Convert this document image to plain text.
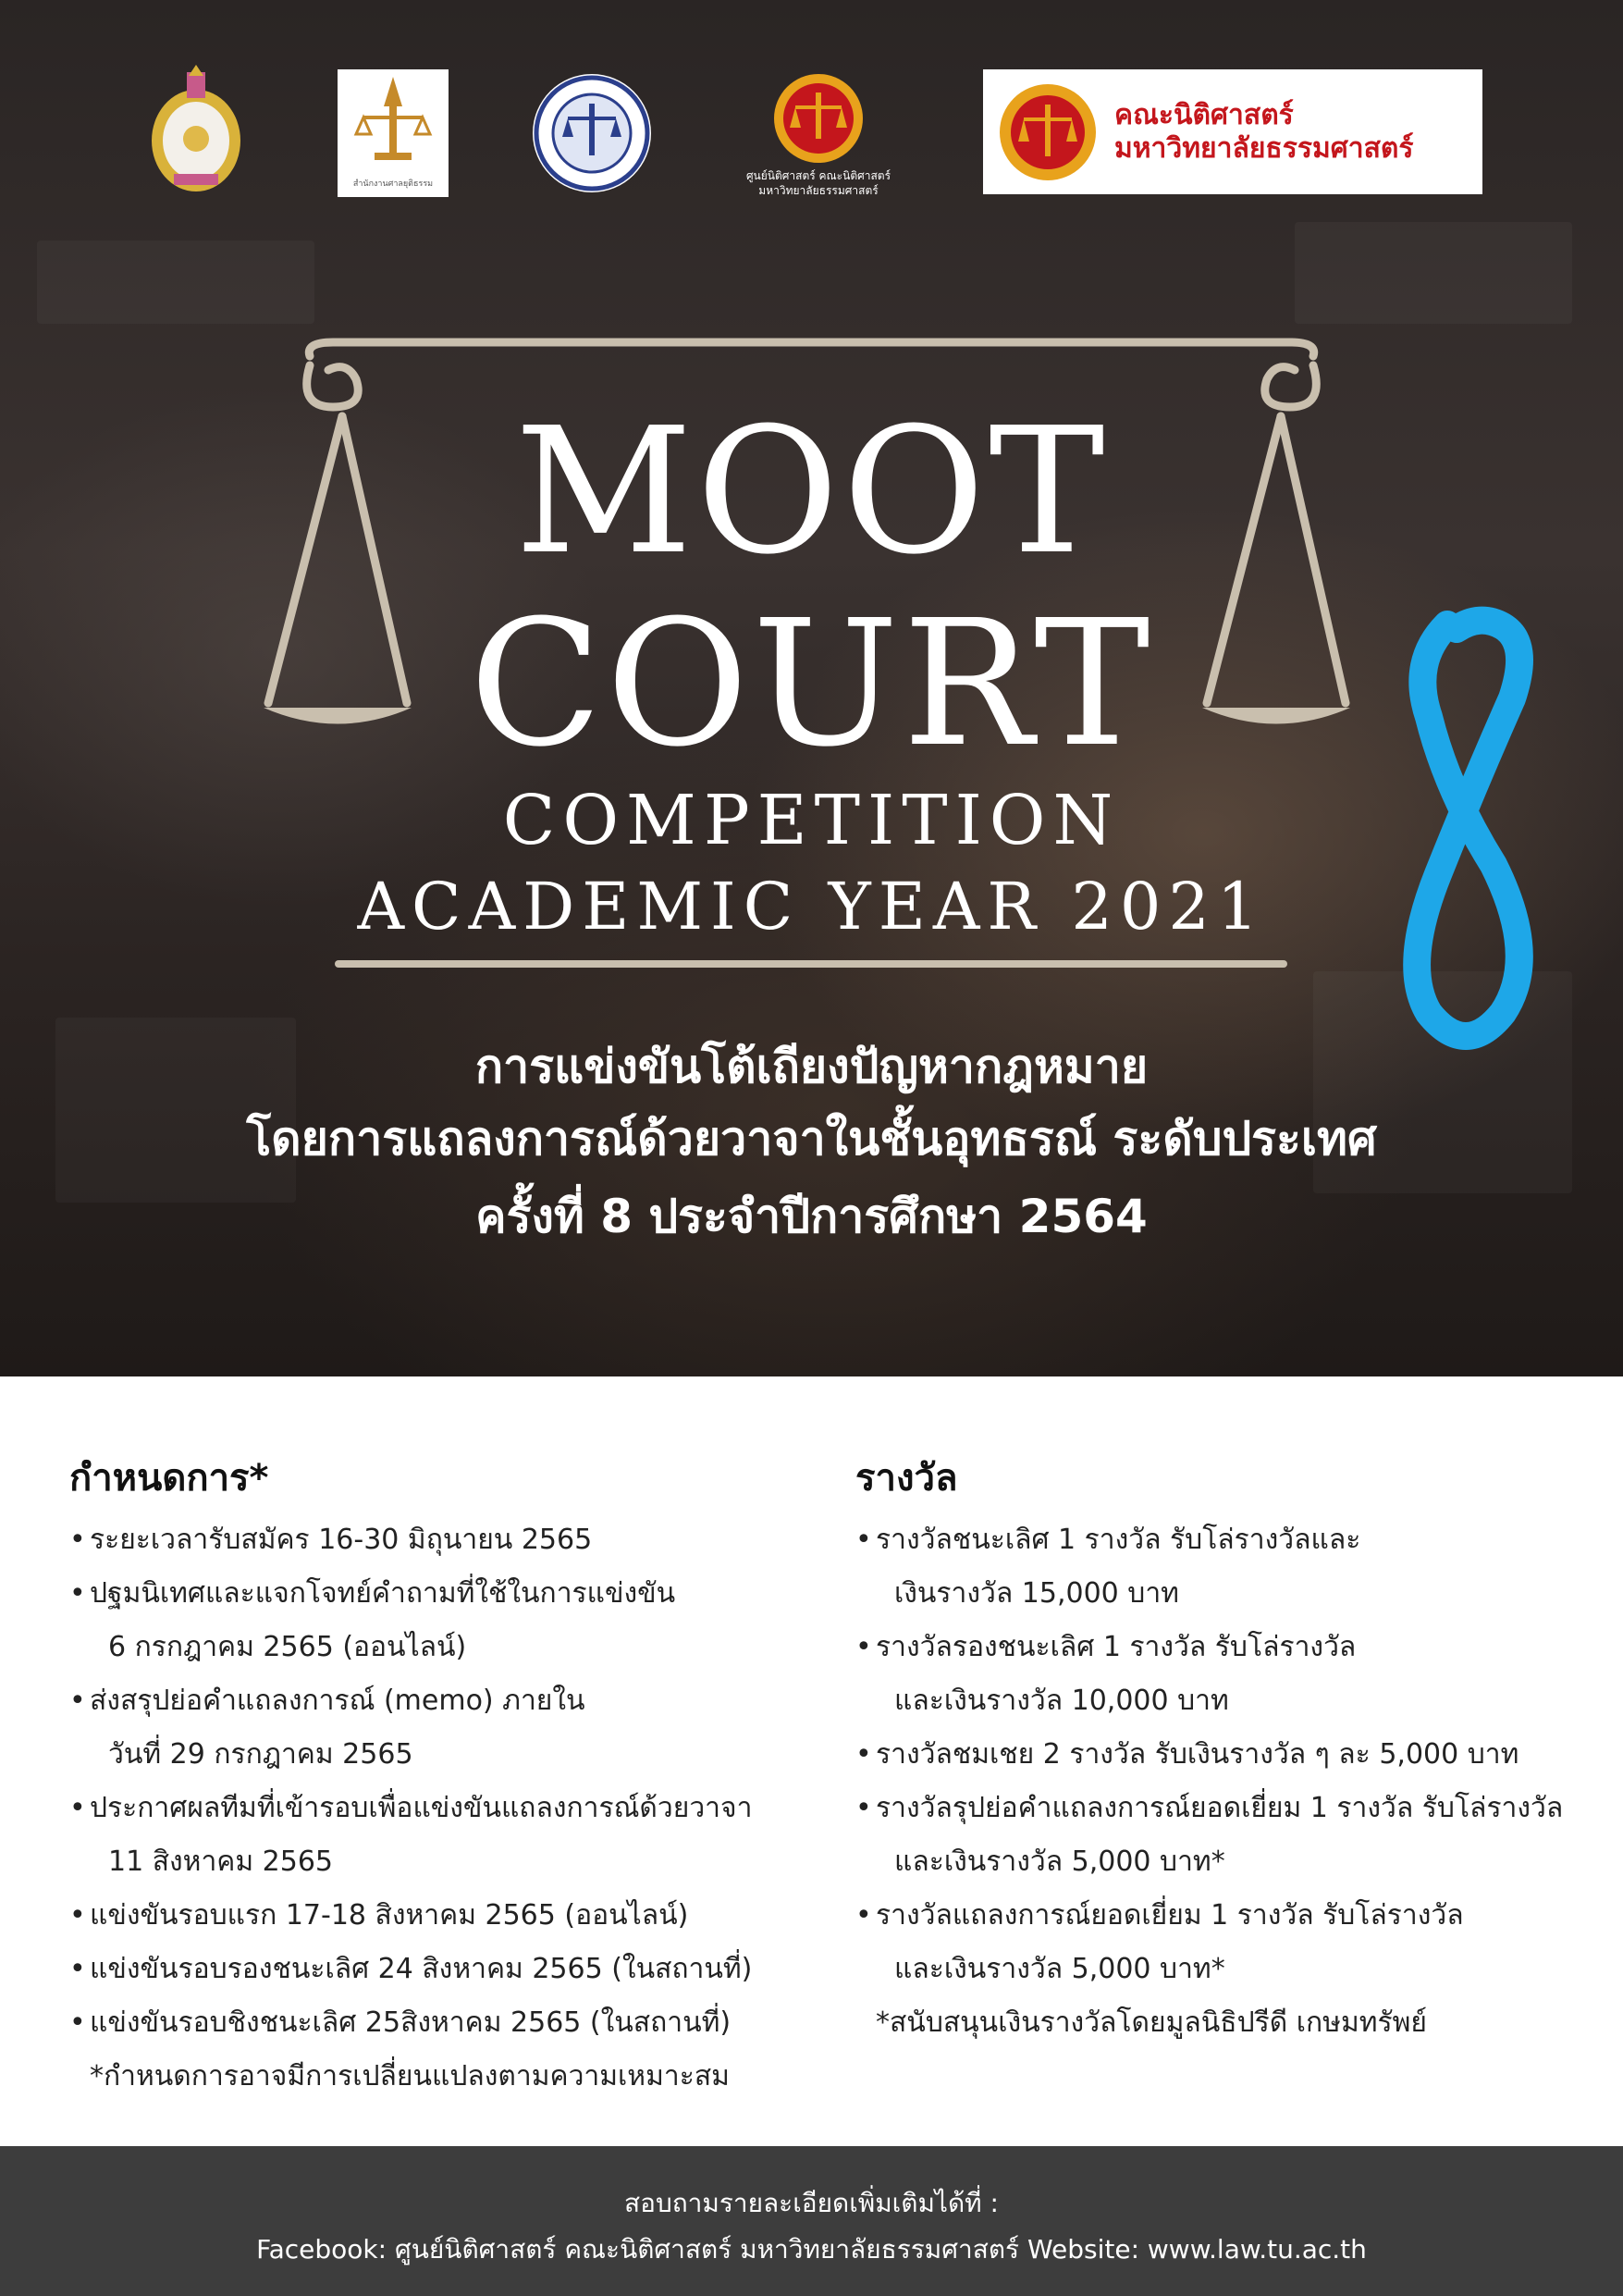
สำนักงานศาลยุติธรรม
ศูนย์นิติศาสตร์ คณะนิติศาสตร์
มหาวิทยาลัยธรรมศาสตร์
คณะนิติศาสตร์
มหาวิทยาลัยธรรมศาสตร์
MOOT
COURT
COMPETITION
ACADEMIC YEAR 2021
การแข่งขันโต้เถียงปัญหากฎหมาย
โดยการแถลงการณ์ด้วยวาจาในชั้นอุทธรณ์ ระดับประเทศ
ครั้งที่ 8 ประจำปีการศึกษา 2564
กำหนดการ*
• ระยะเวลารับสมัคร 16-30 มิถุนายน 2565
• ปฐมนิเทศและแจกโจทย์คำถามที่ใช้ในการแข่งขัน
6 กรกฎาคม 2565 (ออนไลน์)
• ส่งสรุปย่อคำแถลงการณ์ (memo) ภายใน
วันที่ 29 กรกฎาคม 2565
• ประกาศผลทีมที่เข้ารอบเพื่อแข่งขันแถลงการณ์ด้วยวาจา
11 สิงหาคม 2565
• แข่งขันรอบแรก 17-18 สิงหาคม 2565 (ออนไลน์)
• แข่งขันรอบรองชนะเลิศ 24 สิงหาคม 2565 (ในสถานที่)
• แข่งขันรอบชิงชนะเลิศ 25สิงหาคม 2565 (ในสถานที่)
*กำหนดการอาจมีการเปลี่ยนแปลงตามความเหมาะสม
รางวัล
• รางวัลชนะเลิศ 1 รางวัล รับโล่รางวัลและ
เงินรางวัล 15,000 บาท
• รางวัลรองชนะเลิศ 1 รางวัล รับโล่รางวัล
และเงินรางวัล 10,000 บาท
• รางวัลชมเชย 2 รางวัล รับเงินรางวัล ๆ ละ 5,000 บาท
• รางวัลรุปย่อคำแถลงการณ์ยอดเยี่ยม 1 รางวัล รับโล่รางวัล
และเงินรางวัล 5,000 บาท*
• รางวัลแถลงการณ์ยอดเยี่ยม 1 รางวัล รับโล่รางวัล
และเงินรางวัล 5,000 บาท*
*สนับสนุนเงินรางวัลโดยมูลนิธิปรีดี เกษมทรัพย์
สอบถามรายละเอียดเพิ่มเติมได้ที่ :
Facebook: ศูนย์นิติศาสตร์ คณะนิติศาสตร์ มหาวิทยาลัยธรรมศาสตร์ Website: www.law.tu.ac.th
